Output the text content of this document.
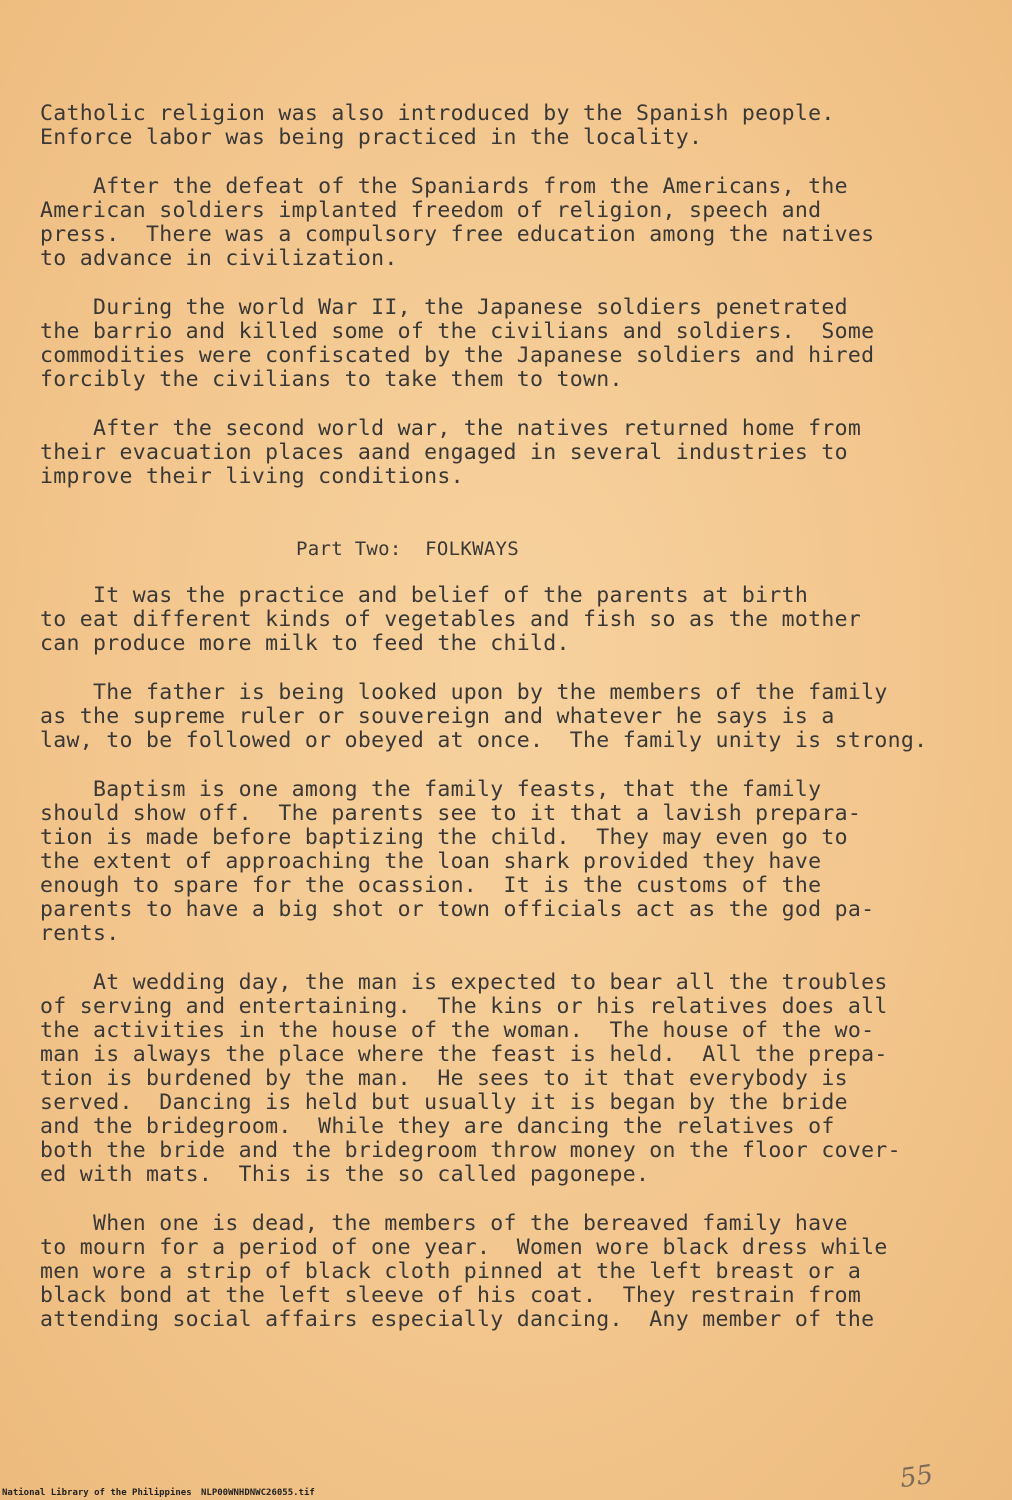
Catholic religion was also introduced by the Spanish people.
Enforce labor was being practiced in the locality.
After the defeat of the Spaniards from the Americans, the
American soldiers implanted freedom of religion, speech and
press.  There was a compulsory free education among the natives
to advance in civilization.
During the world War II, the Japanese soldiers penetrated
the barrio and killed some of the civilians and soldiers.  Some
commodities were confiscated by the Japanese soldiers and hired
forcibly the civilians to take them to town.
After the second world war, the natives returned home from
their evacuation places aand engaged in several industries to
improve their living conditions.
Part Two:  FOLKWAYS
It was the practice and belief of the parents at birth
to eat different kinds of vegetables and fish so as the mother
can produce more milk to feed the child.
The father is being looked upon by the members of the family
as the supreme ruler or souvereign and whatever he says is a
law, to be followed or obeyed at once.  The family unity is strong.
Baptism is one among the family feasts, that the family
should show off.  The parents see to it that a lavish prepara-
tion is made before baptizing the child.  They may even go to
the extent of approaching the loan shark provided they have
enough to spare for the ocassion.  It is the customs of the
parents to have a big shot or town officials act as the god pa-
rents.
At wedding day, the man is expected to bear all the troubles
of serving and entertaining.  The kins or his relatives does all
the activities in the house of the woman.  The house of the wo-
man is always the place where the feast is held.  All the prepa-
tion is burdened by the man.  He sees to it that everybody is
served.  Dancing is held but usually it is began by the bride
and the bridegroom.  While they are dancing the relatives of
both the bride and the bridegroom throw money on the floor cover-
ed with mats.  This is the so called pagonepe.
When one is dead, the members of the bereaved family have
to mourn for a period of one year.  Women wore black dress while
men wore a strip of black cloth pinned at the left breast or a
black bond at the left sleeve of his coat.  They restrain from
attending social affairs especially dancing.  Any member of the
55
National Library of the Philippines NLP00WNHDNWC26055.tif
